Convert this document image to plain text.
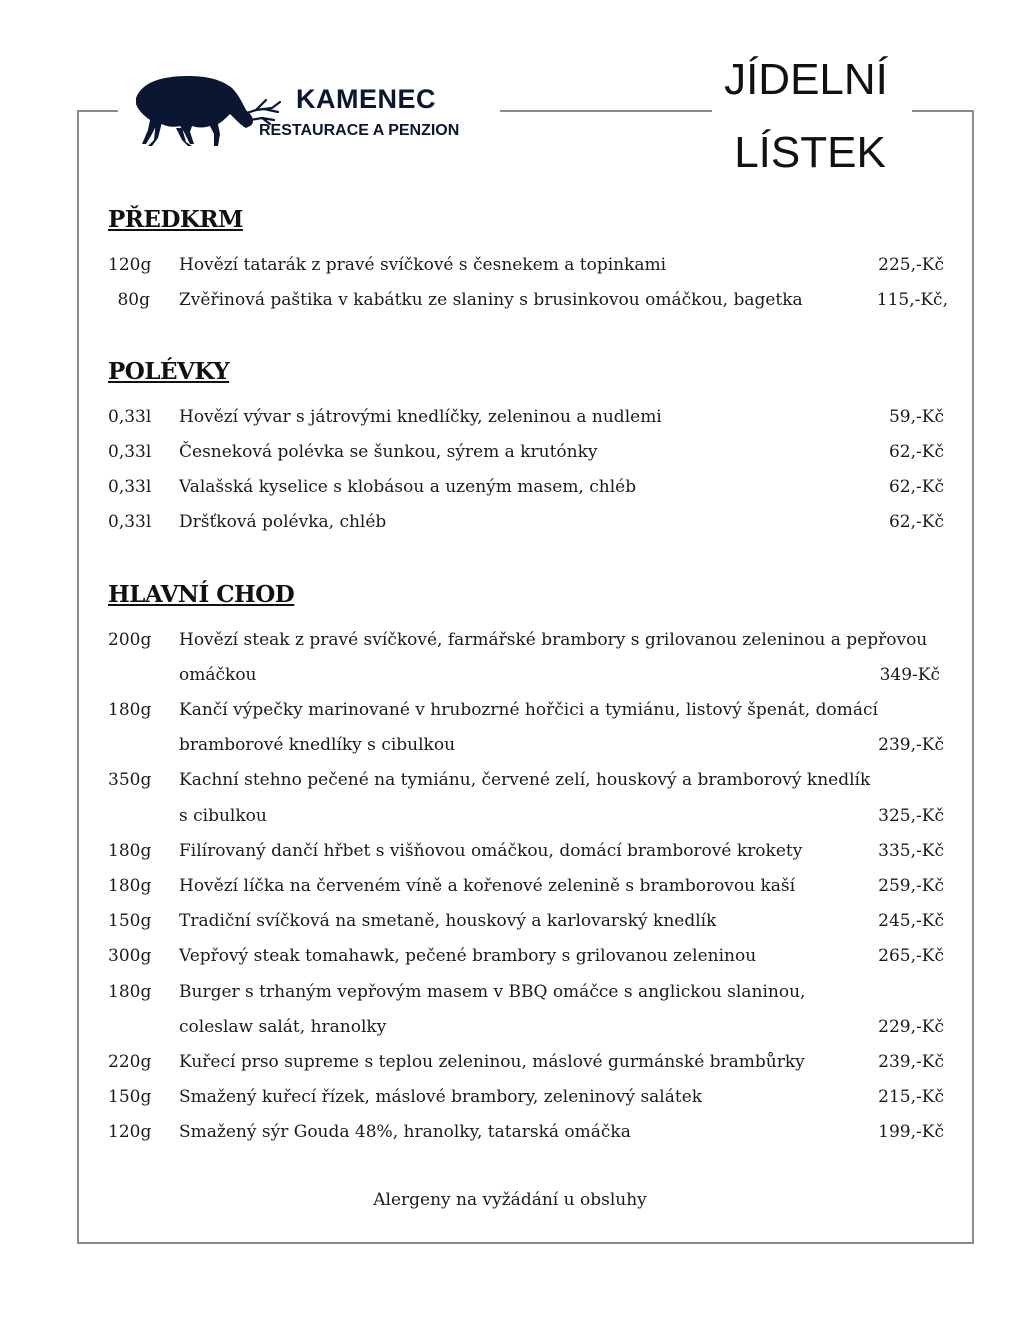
KAMENEC
RESTAURACE A PENZION
JÍDELNÍ
LÍSTEK
PŘEDKRM
120g Hovězí tatarák z pravé svíčkové s česnekem a topinkami	225,-Kč
80g Zvěřinová paštika v kabátku ze slaniny s brusinkovou omáčkou, bagetka	115,-Kč,
POLÉVKY
0,33l Hovězí vývar s játrovými knedlíčky, zeleninou a nudlemi	59,-Kč
0,33l Česneková polévka se šunkou, sýrem a krutónky	62,-Kč
0,33l Valašská kyselice s klobásou a uzeným masem, chléb	62,-Kč
0,33l Dršťková polévka, chléb	62,-Kč
HLAVNÍ CHOD
200g Hovězí steak z pravé svíčkové, farmářské brambory s grilovanou zeleninou a pepřovou
omáčkou	349-Kč
180g Kančí výpečky marinované v hrubozrné hořčici a tymiánu, listový špenát, domácí
bramborové knedlíky s cibulkou	239,-Kč
350g Kachní stehno pečené na tymiánu, červené zelí, houskový a bramborový knedlík
s cibulkou	325,-Kč
180g Filírovaný dančí hřbet s višňovou omáčkou, domácí bramborové krokety	335,-Kč
180g Hovězí líčka na červeném víně a kořenové zelenině s bramborovou kaší	259,-Kč
150g Tradiční svíčková na smetaně, houskový a karlovarský knedlík	245,-Kč
300g Vepřový steak tomahawk, pečené brambory s grilovanou zeleninou	265,-Kč
180g Burger s trhaným vepřovým masem v BBQ omáčce s anglickou slaninou,
coleslaw salát, hranolky	229,-Kč
220g Kuřecí prso supreme s teplou zeleninou, máslové gurmánské brambůrky	239,-Kč
150g Smažený kuřecí řízek, máslové brambory, zeleninový salátek	215,-Kč
120g Smažený sýr Gouda 48%, hranolky, tatarská omáčka	199,-Kč
Alergeny na vyžádání u obsluhy
